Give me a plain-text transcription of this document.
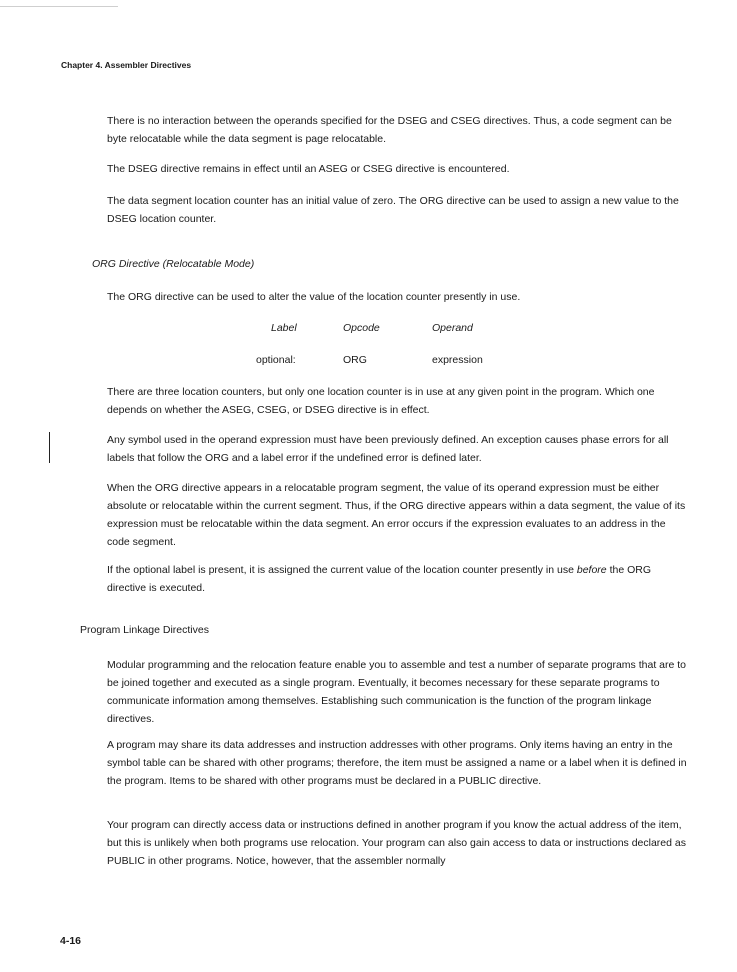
Chapter 4. Assembler Directives

There is no interaction between the operands specified for the DSEG and CSEG directives. Thus, a code segment can be byte relocatable while the data segment is page relocatable.

The DSEG directive remains in effect until an ASEG or CSEG directive is encountered.

The data segment location counter has an initial value of zero. The ORG directive can be used to assign a new value to the DSEG location counter.

ORG Directive (Relocatable Mode)

The ORG directive can be used to alter the value of the location counter presently in use.

Label	Opcode	Operand
optional:	ORG	expression

There are three location counters, but only one location counter is in use at any given point in the program. Which one depends on whether the ASEG, CSEG, or DSEG directive is in effect.

Any symbol used in the operand expression must have been previously defined. An exception causes phase errors for all labels that follow the ORG and a label error if the undefined error is defined later.

When the ORG directive appears in a relocatable program segment, the value of its operand expression must be either absolute or relocatable within the current segment. Thus, if the ORG directive appears within a data segment, the value of its expression must be relocatable within the data segment. An error occurs if the expression evaluates to an address in the code segment.

If the optional label is present, it is assigned the current value of the location counter presently in use before the ORG directive is executed.

Program Linkage Directives

Modular programming and the relocation feature enable you to assemble and test a number of separate programs that are to be joined together and executed as a single program. Eventually, it becomes necessary for these separate programs to communicate information among themselves. Establishing such communication is the function of the program linkage directives.

A program may share its data addresses and instruction addresses with other programs. Only items having an entry in the symbol table can be shared with other programs; therefore, the item must be assigned a name or a label when it is defined in the program. Items to be shared with other programs must be declared in a PUBLIC directive.

Your program can directly access data or instructions defined in another program if you know the actual address of the item, but this is unlikely when both programs use relocation. Your program can also gain access to data or instructions declared as PUBLIC in other programs. Notice, however, that the assembler normally

4-16
